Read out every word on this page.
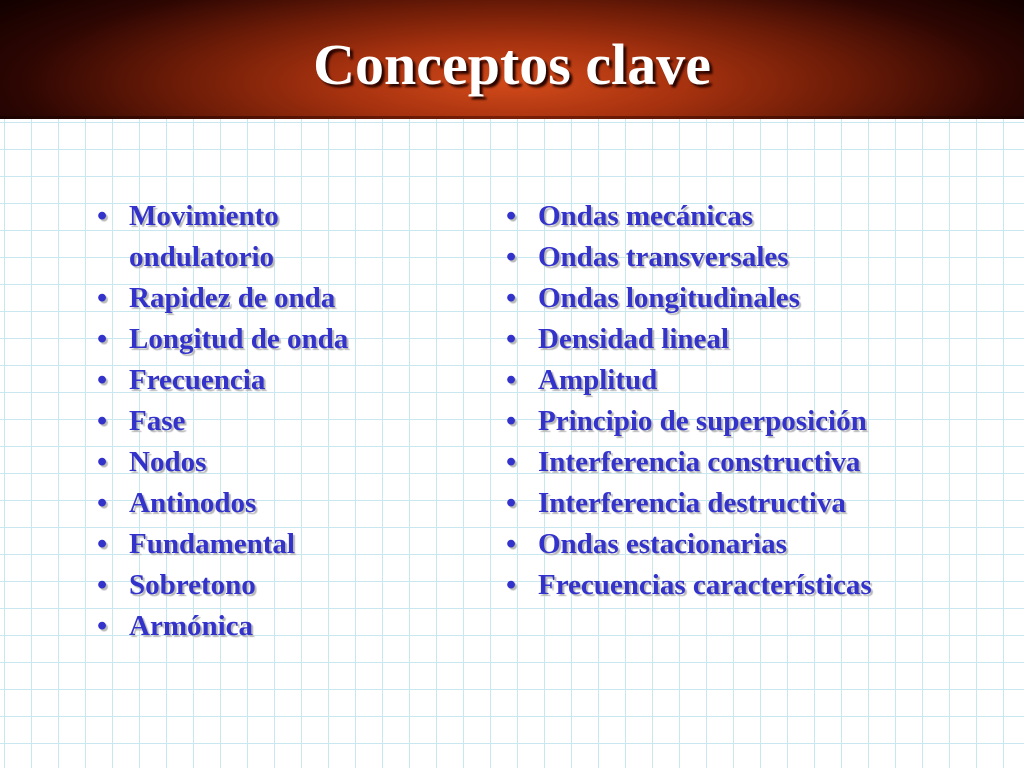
Conceptos clave
• Movimiento ondulatorio
• Rapidez de onda
• Longitud de onda
• Frecuencia
• Fase
• Nodos
• Antinodos
• Fundamental
• Sobretono
• Armónica
• Ondas mecánicas
• Ondas transversales
• Ondas longitudinales
• Densidad lineal
• Amplitud
• Principio de superposición
• Interferencia constructiva
• Interferencia destructiva
• Ondas estacionarias
• Frecuencias características
